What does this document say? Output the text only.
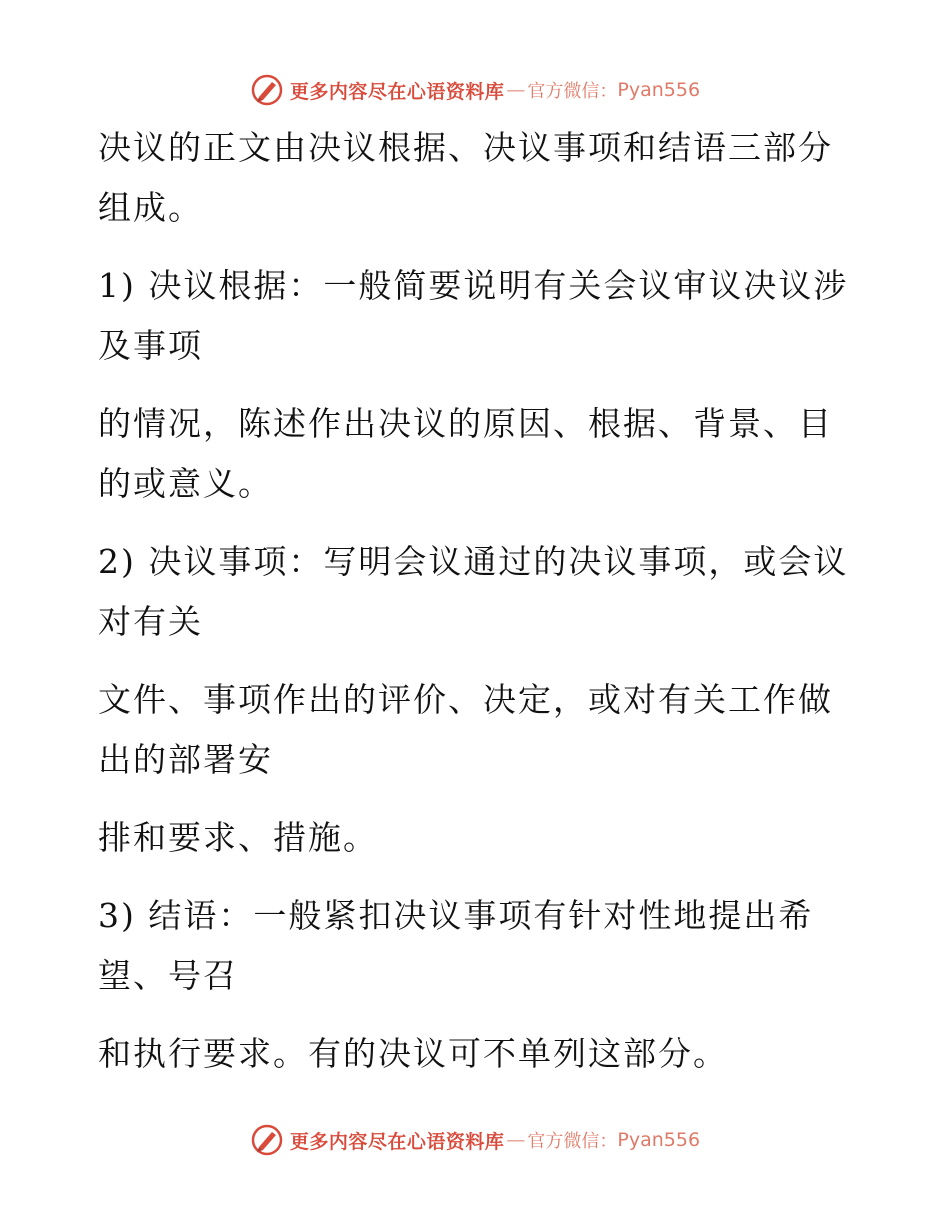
更多内容尽在心语资料库 — 官方微信： Pyan556
决议的正文由决议根据、决议事项和结语三部分
组成。
1) 决议根据：一般简要说明有关会议审议决议涉
及事项
的情况，陈述作出决议的原因、根据、背景、目
的或意义。
2) 决议事项：写明会议通过的决议事项，或会议
对有关
文件、事项作出的评价、决定，或对有关工作做
出的部署安
排和要求、措施。
3) 结语：一般紧扣决议事项有针对性地提出希
望、号召
和执行要求。有的决议可不单列这部分。
更多内容尽在心语资料库 — 官方微信： Pyan556
